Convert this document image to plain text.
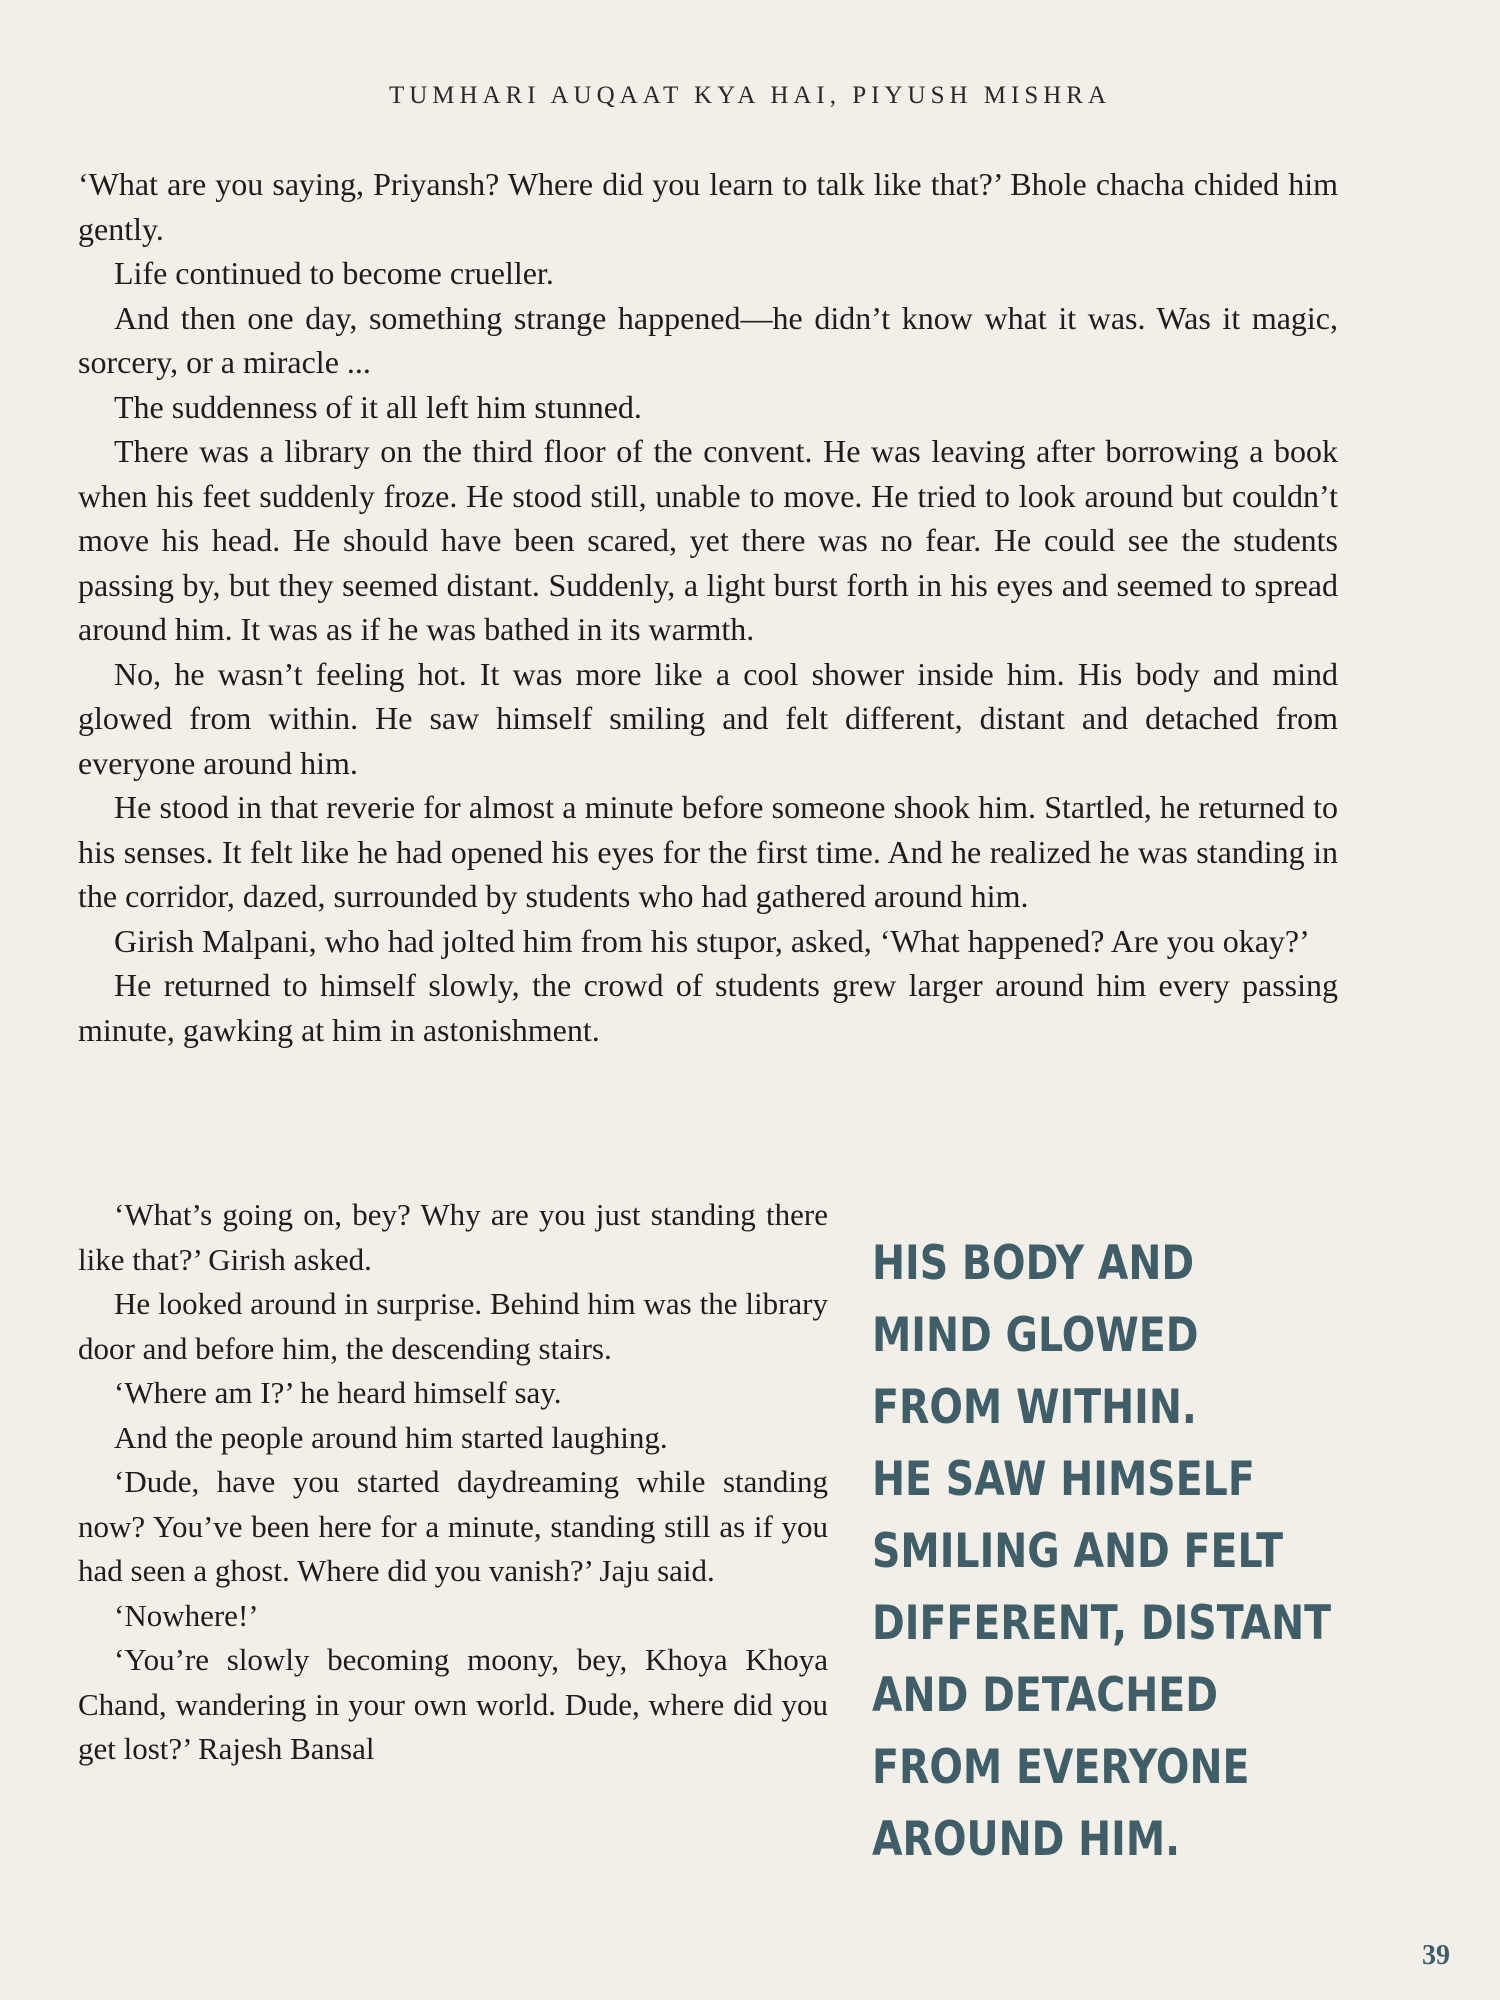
TUMHARI AUQAAT KYA HAI, PIYUSH MISHRA

‘What are you saying, Priyansh? Where did you learn to talk like that?’ Bhole chacha chided him gently.

Life continued to become crueller.

And then one day, something strange happened—he didn’t know what it was. Was it magic, sorcery, or a miracle ...

The suddenness of it all left him stunned.

There was a library on the third floor of the convent. He was leaving after borrowing a book when his feet suddenly froze. He stood still, unable to move. He tried to look around but couldn’t move his head. He should have been scared, yet there was no fear. He could see the students passing by, but they seemed distant. Suddenly, a light burst forth in his eyes and seemed to spread around him. It was as if he was bathed in its warmth.

No, he wasn’t feeling hot. It was more like a cool shower inside him. His body and mind glowed from within. He saw himself smiling and felt different, distant and detached from everyone around him.

He stood in that reverie for almost a minute before someone shook him. Startled, he returned to his senses. It felt like he had opened his eyes for the first time. And he realized he was standing in the corridor, dazed, surrounded by students who had gathered around him.

Girish Malpani, who had jolted him from his stupor, asked, ‘What happened? Are you okay?’

He returned to himself slowly, the crowd of students grew larger around him every passing minute, gawking at him in astonishment.

‘What’s going on, bey? Why are you just standing there like that?’ Girish asked.

He looked around in surprise. Behind him was the library door and before him, the descending stairs.

‘Where am I?’ he heard himself say.

And the people around him started laughing.

‘Dude, have you started daydreaming while standing now? You’ve been here for a minute, standing still as if you had seen a ghost. Where did you vanish?’ Jaju said.

‘Nowhere!’

‘You’re slowly becoming moony, bey, Khoya Khoya Chand, wandering in your own world. Dude, where did you get lost?’ Rajesh Bansal

HIS BODY AND
MIND GLOWED
FROM WITHIN.
HE SAW HIMSELF
SMILING AND FELT
DIFFERENT, DISTANT
AND DETACHED
FROM EVERYONE
AROUND HIM.
39
